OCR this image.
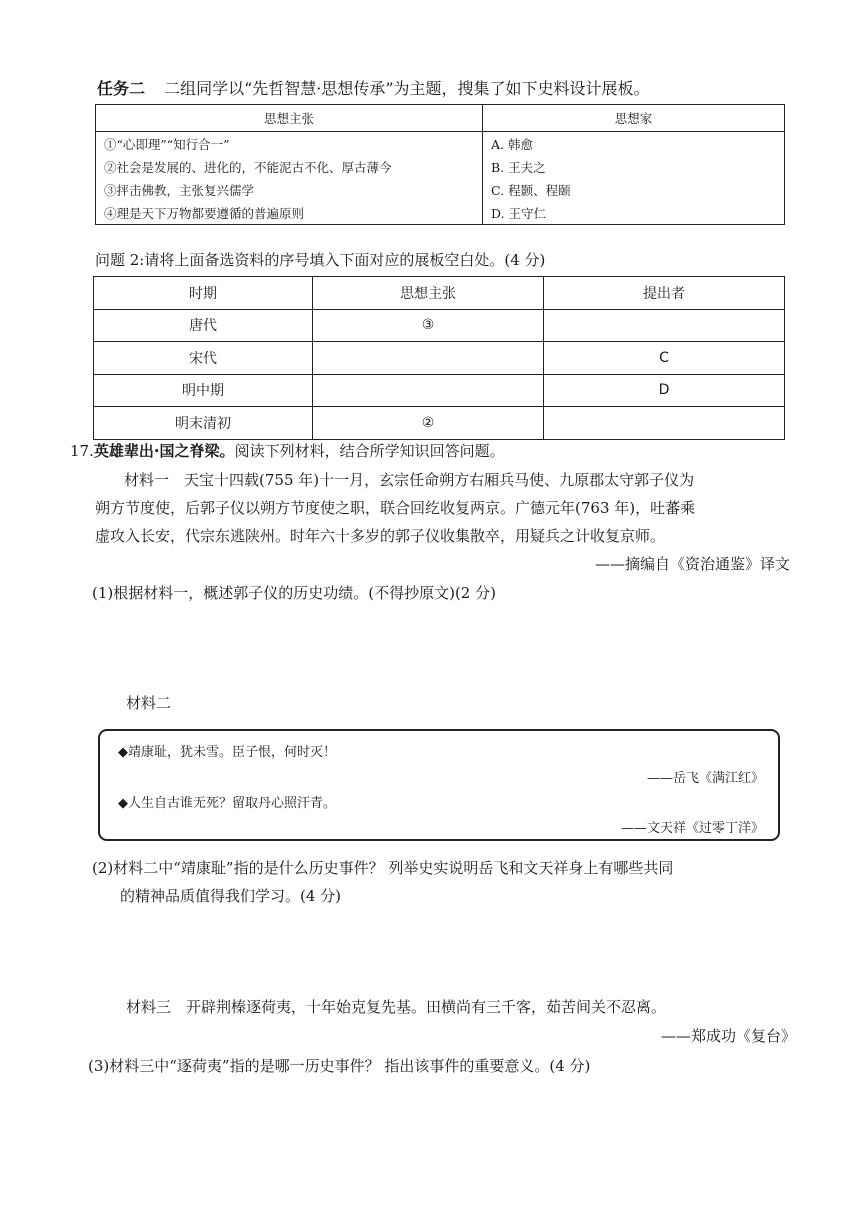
任务二 二组同学以“先哲智慧·思想传承”为主题，搜集了如下史料设计展板。
思想主张	思想家
①“心即理”“知行合一”	A. 韩愈
②社会是发展的、进化的，不能泥古不化、厚古薄今	B. 王夫之
③抨击佛教，主张复兴儒学	C. 程颢、程颐
④理是天下万物都要遵循的普遍原则	D. 王守仁
问题 2:请将上面备选资料的序号填入下面对应的展板空白处。(4 分)
时期	思想主张	提出者
唐代	③	
宋代		C
明中期		D
明末清初	②	
17.英雄辈出·国之脊梁。阅读下列材料，结合所学知识回答问题。
材料一　天宝十四载(755 年)十一月，玄宗任命朔方右厢兵马使、九原郡太守郭子仪为
朔方节度使，后郭子仪以朔方节度使之职，联合回纥收复两京。广德元年(763 年)，吐蕃乘
虚攻入长安，代宗东逃陕州。时年六十多岁的郭子仪收集散卒，用疑兵之计收复京师。
——摘编自《资治通鉴》译文
(1)根据材料一，概述郭子仪的历史功绩。(不得抄原文)(2 分)
材料二
◆靖康耻，犹未雪。臣子恨，何时灭！
——岳飞《满江红》
◆人生自古谁无死？留取丹心照汗青。
——文天祥《过零丁洋》
(2)材料二中“靖康耻”指的是什么历史事件？ 列举史实说明岳飞和文天祥身上有哪些共同
的精神品质值得我们学习。(4 分)
材料三　开辟荆榛逐荷夷，十年始克复先基。田横尚有三千客，茹苦间关不忍离。
——郑成功《复台》
(3)材料三中“逐荷夷”指的是哪一历史事件？ 指出该事件的重要意义。(4 分)
